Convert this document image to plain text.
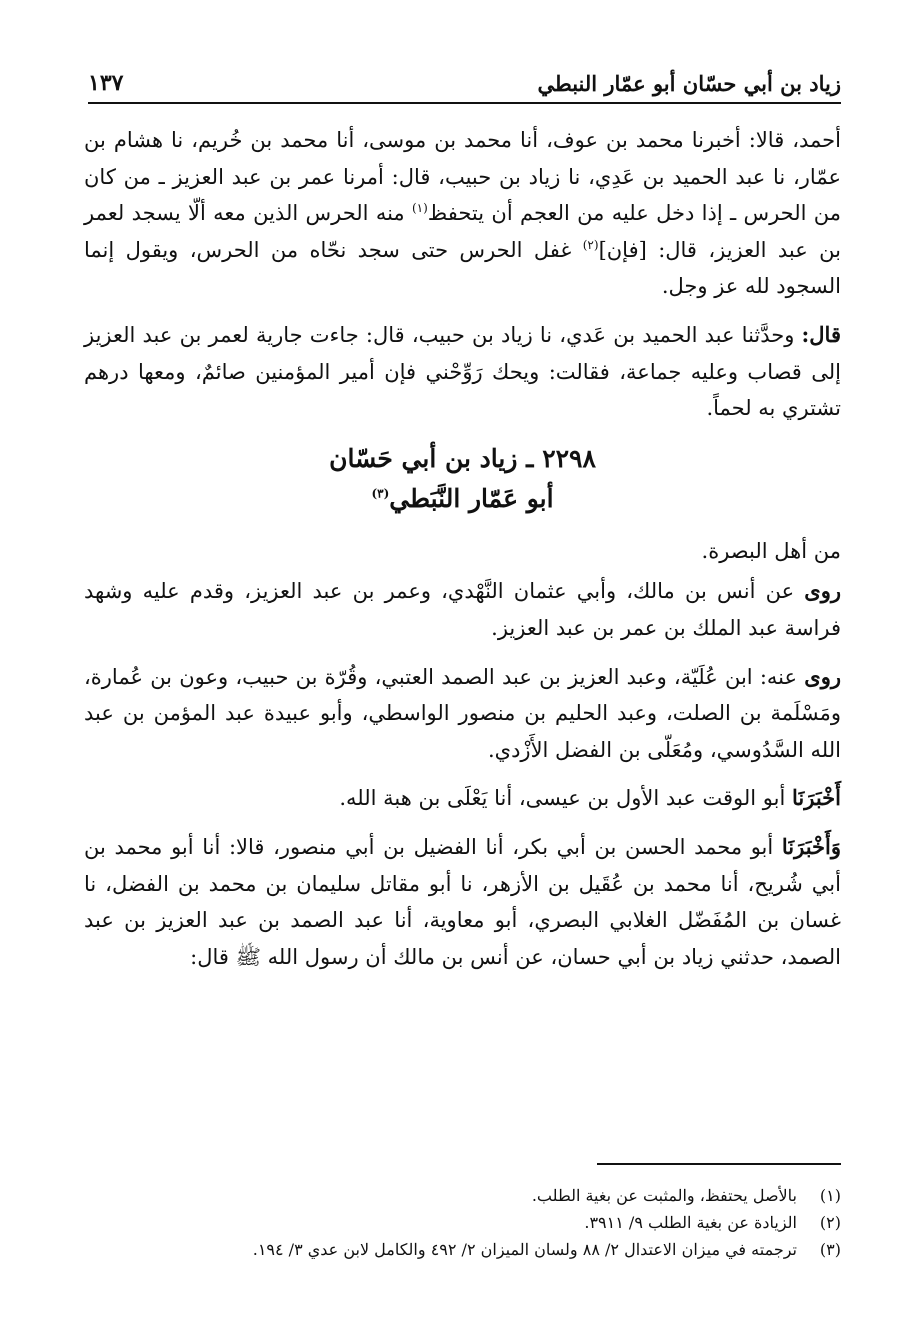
١٣٧	زياد بن أبي حسّان أبو عمّار النبطي

أحمد، قالا: أخبرنا محمد بن عوف، أنا محمد بن موسى، أنا محمد بن خُريم، نا هشام بن عمّار، نا عبد الحميد بن عَدِي، نا زياد بن حبيب، قال: أمرنا عمر بن عبد العزيز ـ من كان من الحرس ـ إذا دخل عليه من العجم أن يتحفظ$^{(١)}$ منه الحرس الذين معه ألّا يسجد لعمر بن عبد العزيز، قال: [فإن]$^{(٢)}$ غفل الحرس حتى سجد نحّاه من الحرس، ويقول إنما السجود لله عز وجل.

قال: وحدَّثنا عبد الحميد بن عَدي، نا زياد بن حبيب، قال: جاءت جارية لعمر بن عبد العزيز إلى قصاب وعليه جماعة، فقالت: ويحك رَوِّحْني فإن أمير المؤمنين صائمٌ، ومعها درهم تشتري به لحماً.

٢٢٩٨ ـ زياد بن أبي حَسّان
أبو عَمّار النَّبَطي$^{(٣)}$

من أهل البصرة.

روى عن أنس بن مالك، وأبي عثمان النَّهْدي، وعمر بن عبد العزيز، وقدم عليه وشهد فراسة عبد الملك بن عمر بن عبد العزيز.

روى عنه: ابن عُلَيّة، وعبد العزيز بن عبد الصمد العتبي، وقُرّة بن حبيب، وعون بن عُمارة، ومَسْلَمة بن الصلت، وعبد الحليم بن منصور الواسطي، وأبو عبيدة عبد المؤمن بن عبد الله السَّدُوسي، ومُعَلّى بن الفضل الأَزْدي.

أَخْبَرَنَا أبو الوقت عبد الأول بن عيسى، أنا يَعْلَى بن هبة الله.

وَأَخْبَرَنَا أبو محمد الحسن بن أبي بكر، أنا الفضيل بن أبي منصور، قالا: أنا أبو محمد بن أبي شُريح، أنا محمد بن عُقَيل بن الأزهر، نا أبو مقاتل سليمان بن محمد بن الفضل، نا غسان بن المُفَضّل الغلابي البصري، أبو معاوية، أنا عبد الصمد بن عبد العزيز بن عبد الصمد، حدثني زياد بن أبي حسان، عن أنس بن مالك أن رسول الله ﷺ قال:

(١)
بالأصل يحتفظ، والمثبت عن بغية الطلب.
(٢)
الزيادة عن بغية الطلب ٩/ ٣٩١١.
(٣)
ترجمته في ميزان الاعتدال ٢/ ٨٨ ولسان الميزان ٢/ ٤٩٢ والكامل لابن عدي ٣/ ١٩٤.
